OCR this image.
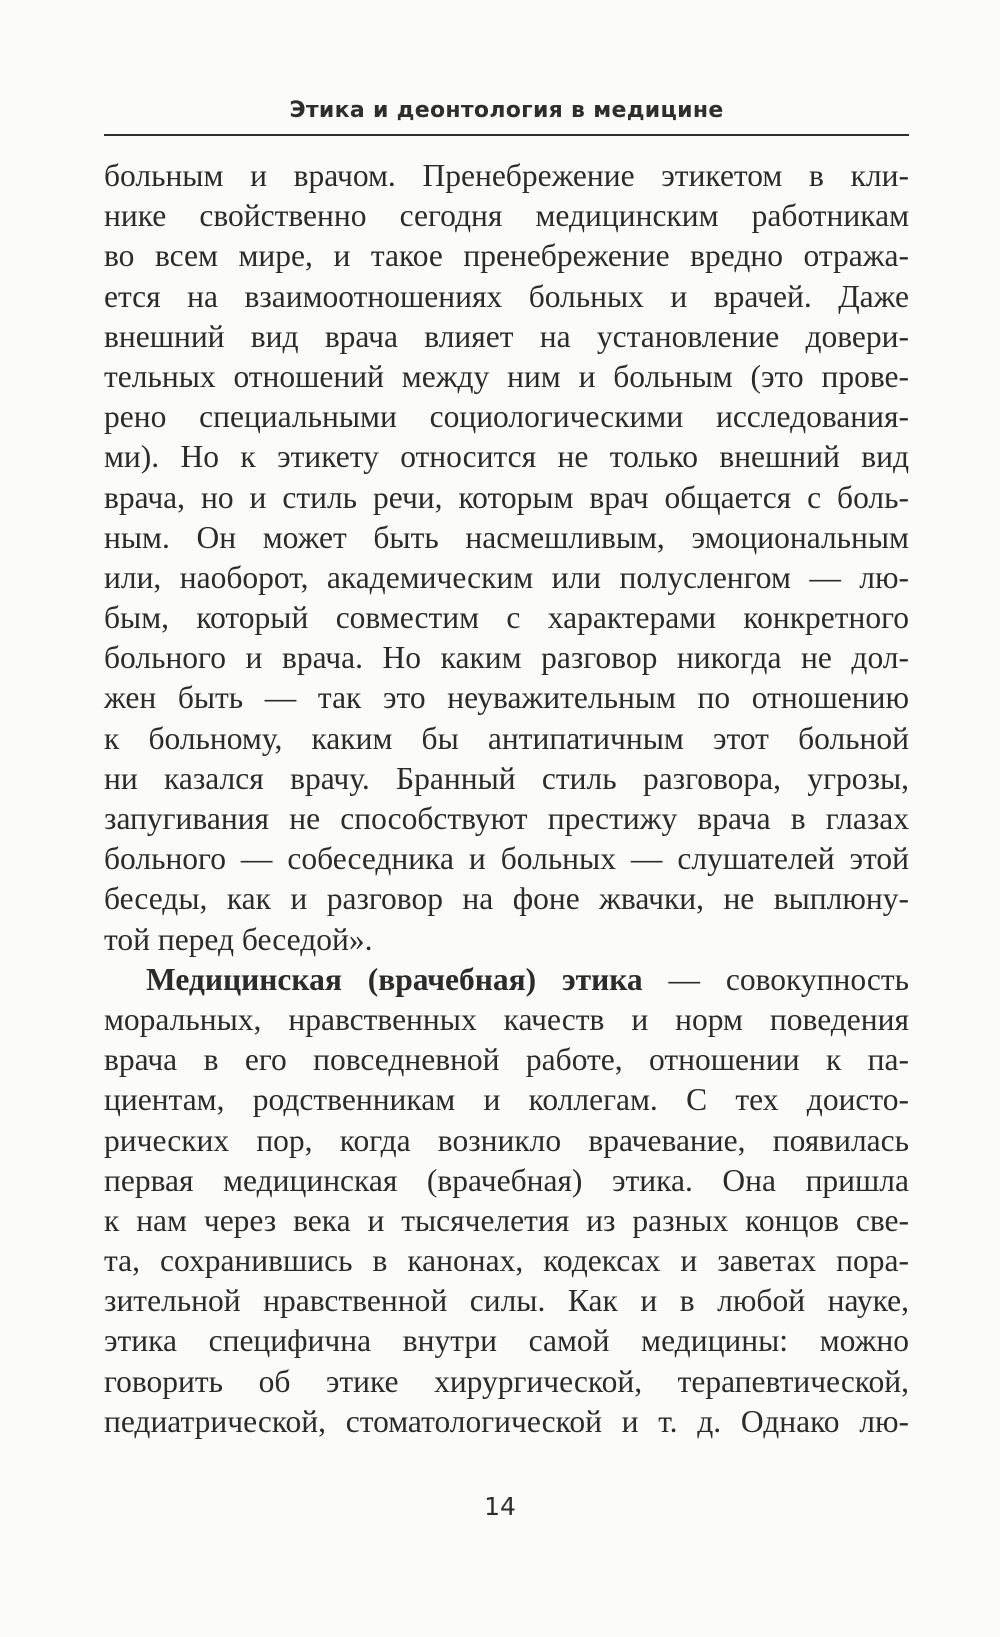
Этика и деонтология в медицине
больным и врачом. Пренебрежение этикетом в кли-
нике свойственно сегодня медицинским работникам
во всем мире, и такое пренебрежение вредно отража-
ется на взаимоотношениях больных и врачей. Даже
внешний вид врача влияет на установление довери-
тельных отношений между ним и больным (это прове-
рено специальными социологическими исследования-
ми). Но к этикету относится не только внешний вид
врача, но и стиль речи, которым врач общается с боль-
ным. Он может быть насмешливым, эмоциональным
или, наоборот, академическим или полусленгом — лю-
бым, который совместим с характерами конкретного
больного и врача. Но каким разговор никогда не дол-
жен быть — так это неуважительным по отношению
к больному, каким бы антипатичным этот больной
ни казался врачу. Бранный стиль разговора, угрозы,
запугивания не способствуют престижу врача в глазах
больного — собеседника и больных — слушателей этой
беседы, как и разговор на фоне жвачки, не выплюну-
той перед беседой».
Медицинская (врачебная) этика — совокупность
моральных, нравственных качеств и норм поведения
врача в его повседневной работе, отношении к па-
циентам, родственникам и коллегам. С тех доисто-
рических пор, когда возникло врачевание, появилась
первая медицинская (врачебная) этика. Она пришла
к нам через века и тысячелетия из разных концов све-
та, сохранившись в канонах, кодексах и заветах пора-
зительной нравственной силы. Как и в любой науке,
этика специфична внутри самой медицины: можно
говорить об этике хирургической, терапевтической,
педиатрической, стоматологической и т. д. Однако лю-
14
